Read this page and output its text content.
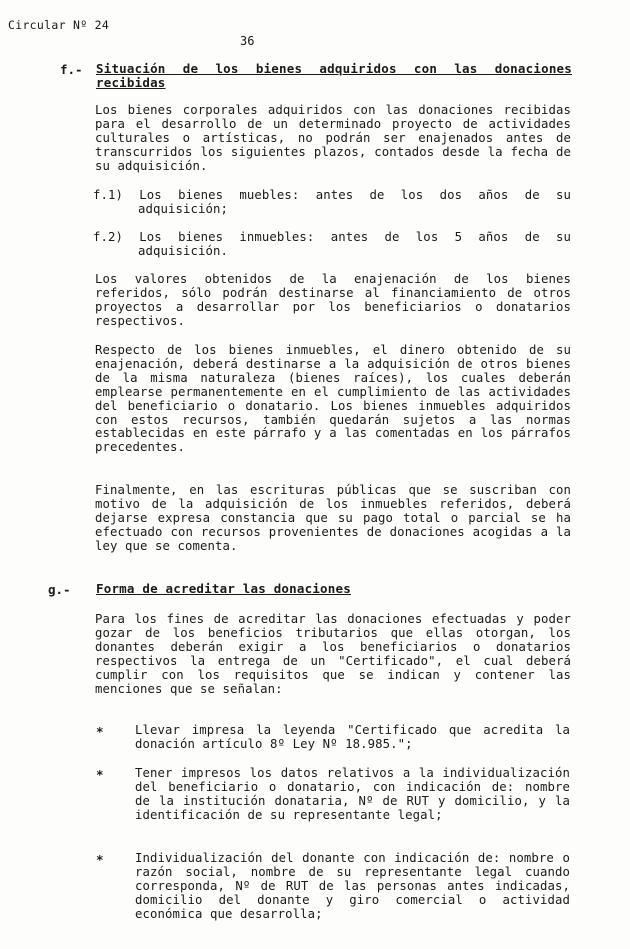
Circular Nº 24
36
f.- Situación de los bienes adquiridos con las donaciones recibidas
Los bienes corporales adquiridos con las donaciones recibidas para el desarrollo de un determinado proyecto de actividades culturales o artísticas, no podrán ser enajenados antes de transcurridos los siguientes plazos, contados desde la fecha de su adquisición.
f.1) Los bienes muebles: antes de los dos años de su adquisición;
f.2) Los bienes inmuebles: antes de los 5 años de su adquisición.
Los valores obtenidos de la enajenación de los bienes referidos, sólo podrán destinarse al financiamiento de otros proyectos a desarrollar por los beneficiarios o donatarios respectivos.
Respecto de los bienes inmuebles, el dinero obtenido de su enajenación, deberá destinarse a la adquisición de otros bienes de la misma naturaleza (bienes raíces), los cuales deberán emplearse permanentemente en el cumplimiento de las actividades del beneficiario o donatario. Los bienes inmuebles adquiridos con estos recursos, también quedarán sujetos a las normas establecidas en este párrafo y a las comentadas en los párrafos precedentes.
Finalmente, en las escrituras públicas que se suscriban con motivo de la adquisición de los inmuebles referidos, deberá dejarse expresa constancia que su pago total o parcial se ha efectuado con recursos provenientes de donaciones acogidas a la ley que se comenta.
g.- Forma de acreditar las donaciones
Para los fines de acreditar las donaciones efectuadas y poder gozar de los beneficios tributarios que ellas otorgan, los donantes deberán exigir a los beneficiarios o donatarios respectivos la entrega de un "Certificado", el cual deberá cumplir con los requisitos que se indican y contener las menciones que se señalan:
*	Llevar impresa la leyenda "Certificado que acredita la donación artículo 8º Ley Nº 18.985.";
*	Tener impresos los datos relativos a la individualización del beneficiario o donatario, con indicación de: nombre de la institución donataria, Nº de RUT y domicilio, y la identificación de su representante legal;
*	Individualización del donante con indicación de: nombre o razón social, nombre de su representante legal cuando corresponda, Nº de RUT de las personas antes indicadas, domicilio del donante y giro comercial o actividad económica que desarrolla;
